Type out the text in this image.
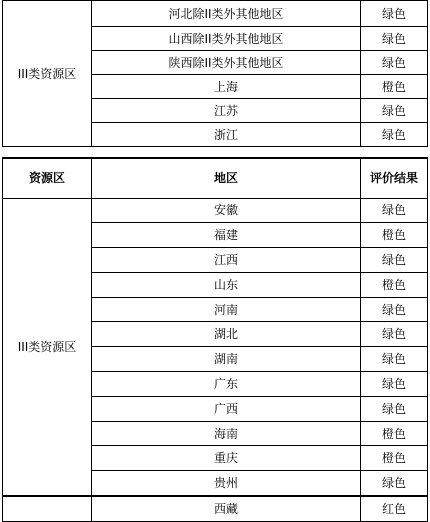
III类资源区	河北除II类外其他地区	绿色
	山西除II类外其他地区	绿色
	陕西除II类外其他地区	绿色
	上海	橙色
	江苏	绿色
	浙江	绿色
资源区	地区	评价结果
III类资源区	安徽	绿色
	福建	橙色
	江西	绿色
	山东	橙色
	河南	绿色
	湖北	绿色
	湖南	绿色
	广东	绿色
	广西	绿色
	海南	橙色
	重庆	橙色
	贵州	绿色
	西藏	红色
